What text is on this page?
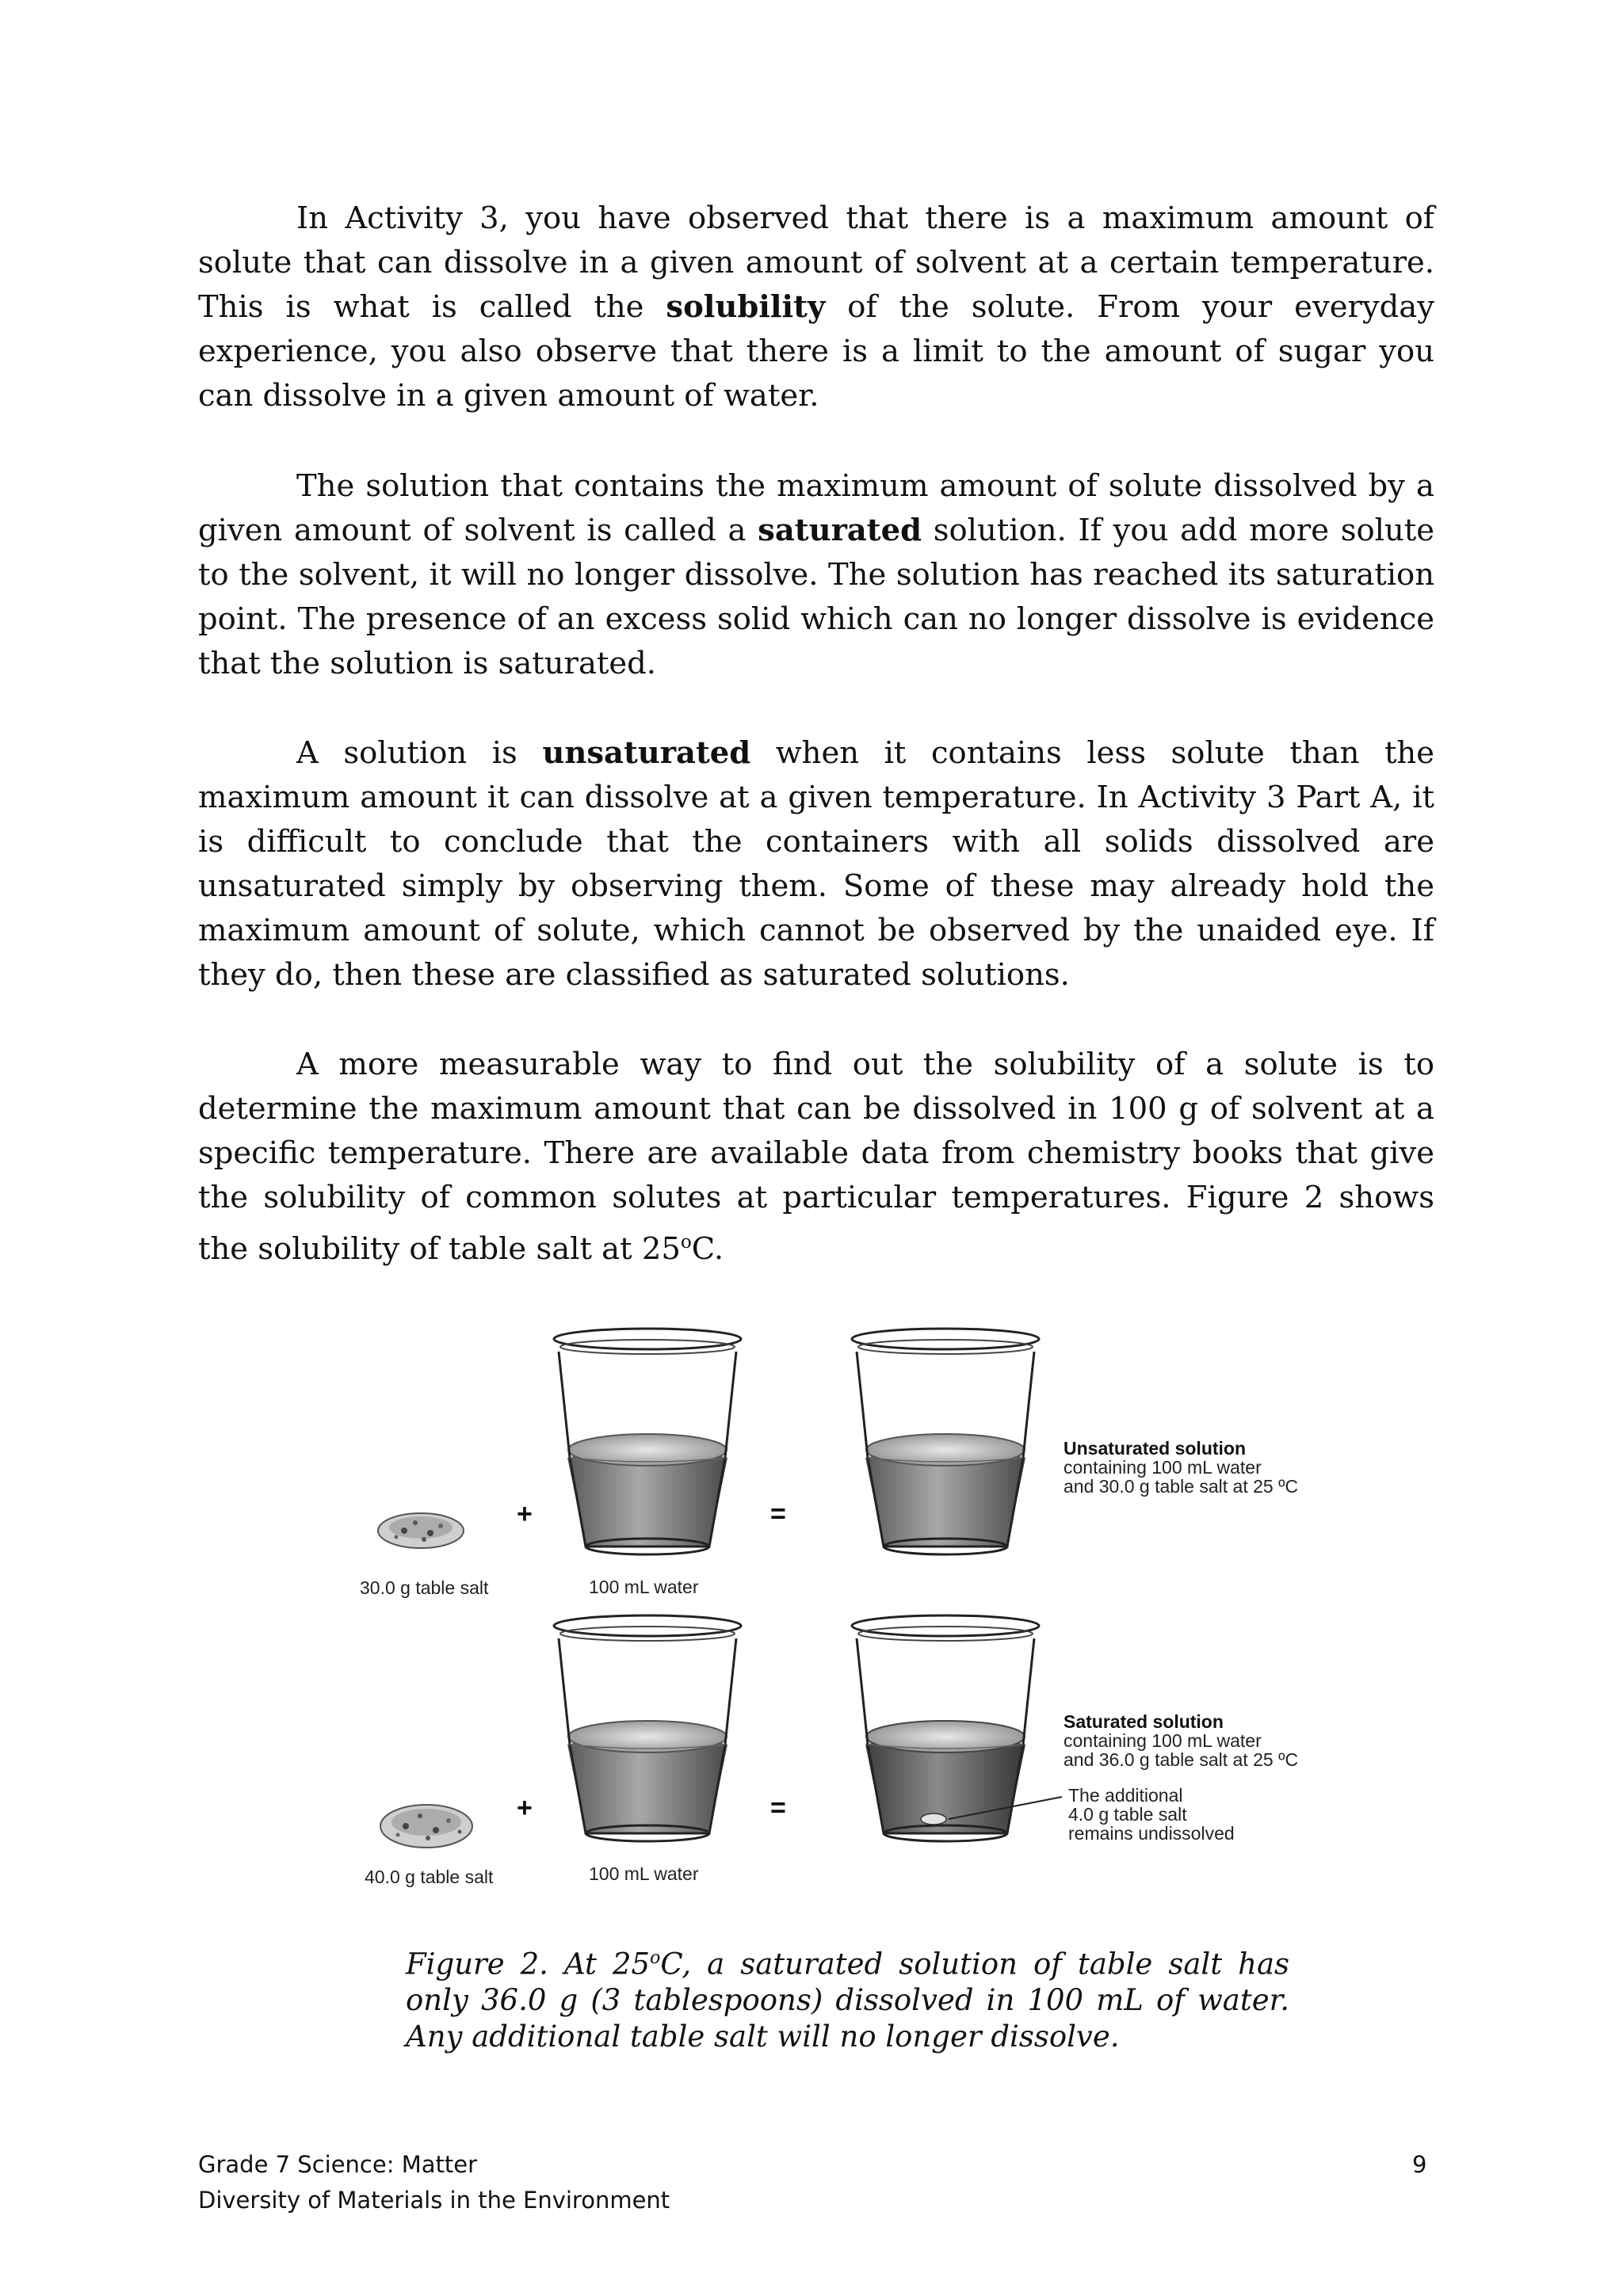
In Activity 3, you have observed that there is a maximum amount of solute that can dissolve in a given amount of solvent at a certain temperature. This is what is called the solubility of the solute. From your everyday experience, you also observe that there is a limit to the amount of sugar you can dissolve in a given amount of water.

The solution that contains the maximum amount of solute dissolved by a given amount of solvent is called a saturated solution. If you add more solute to the solvent, it will no longer dissolve. The solution has reached its saturation point. The presence of an excess solid which can no longer dissolve is evidence that the solution is saturated.

A solution is unsaturated when it contains less solute than the maximum amount it can dissolve at a given temperature. In Activity 3 Part A, it is difficult to conclude that the containers with all solids dissolved are unsaturated simply by observing them. Some of these may already hold the maximum amount of solute, which cannot be observed by the unaided eye. If they do, then these are classified as saturated solutions.

A more measurable way to find out the solubility of a solute is to determine the maximum amount that can be dissolved in 100 g of solvent at a specific temperature. There are available data from chemistry books that give the solubility of common solutes at particular temperatures. Figure 2 shows the solubility of table salt at 25$^o$C.

30.0 g table salt
+
100 mL water
=
Unsaturated solution
containing 100 mL water
and 30.0 g table salt at 25 ºC
40.0 g table salt
+
100 mL water
=
Saturated solution
containing 100 mL water
and 36.0 g table salt at 25 ºC
The additional
4.0 g table salt
remains undissolved

Figure 2. At 25$^o$C, a saturated solution of table salt has only 36.0 g (3 tablespoons) dissolved in 100 mL of water. Any additional table salt will no longer dissolve.

Grade 7 Science: Matter
Diversity of Materials in the Environment
9
